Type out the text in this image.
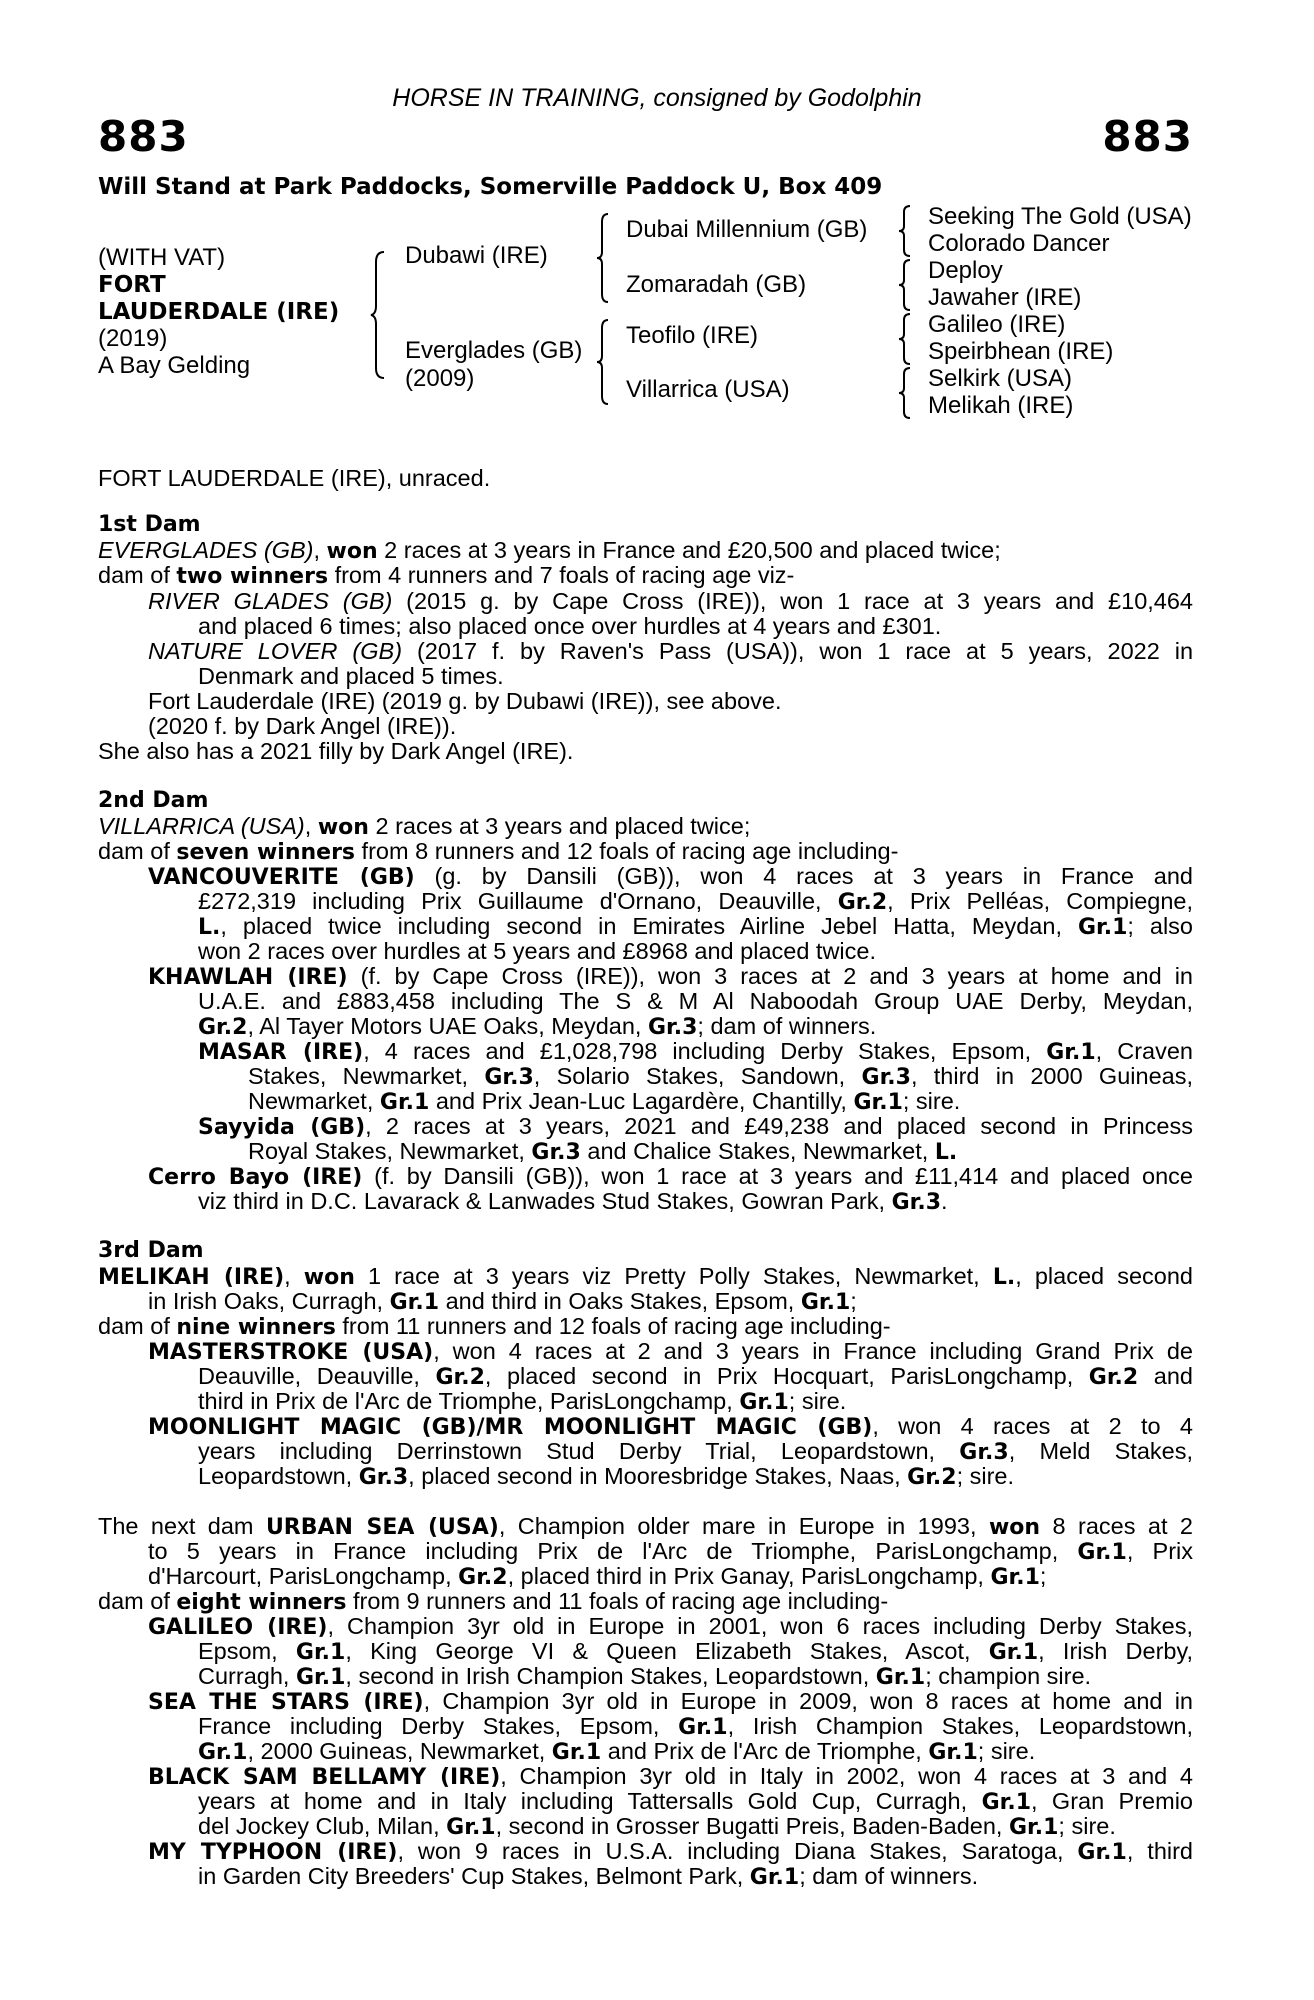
HORSE IN TRAINING, consigned by Godolphin
883	883
Will Stand at Park Paddocks, Somerville Paddock U, Box 409
(WITH VAT)
FORT
LAUDERDALE (IRE)
(2019)
A Bay Gelding
Dubawi (IRE)
Everglades (GB)
(2009)
Dubai Millennium (GB)
Zomaradah (GB)
Teofilo (IRE)
Villarrica (USA)
Seeking The Gold (USA)
Colorado Dancer
Deploy
Jawaher (IRE)
Galileo (IRE)
Speirbhean (IRE)
Selkirk (USA)
Melikah (IRE)
FORT LAUDERDALE (IRE), unraced.
1st Dam
EVERGLADES (GB), won 2 races at 3 years in France and £20,500 and placed twice;
dam of two winners from 4 runners and 7 foals of racing age viz-
RIVER GLADES (GB) (2015 g. by Cape Cross (IRE)), won 1 race at 3 years and £10,464
and placed 6 times; also placed once over hurdles at 4 years and £301.
NATURE LOVER (GB) (2017 f. by Raven's Pass (USA)), won 1 race at 5 years, 2022 in
Denmark and placed 5 times.
Fort Lauderdale (IRE) (2019 g. by Dubawi (IRE)), see above.
(2020 f. by Dark Angel (IRE)).
She also has a 2021 filly by Dark Angel (IRE).
2nd Dam
VILLARRICA (USA), won 2 races at 3 years and placed twice;
dam of seven winners from 8 runners and 12 foals of racing age including-
VANCOUVERITE (GB) (g. by Dansili (GB)), won 4 races at 3 years in France and
£272,319 including Prix Guillaume d'Ornano, Deauville, Gr.2, Prix Pelléas, Compiegne,
L., placed twice including second in Emirates Airline Jebel Hatta, Meydan, Gr.1; also
won 2 races over hurdles at 5 years and £8968 and placed twice.
KHAWLAH (IRE) (f. by Cape Cross (IRE)), won 3 races at 2 and 3 years at home and in
U.A.E. and £883,458 including The S & M Al Naboodah Group UAE Derby, Meydan,
Gr.2, Al Tayer Motors UAE Oaks, Meydan, Gr.3; dam of winners.
MASAR (IRE), 4 races and £1,028,798 including Derby Stakes, Epsom, Gr.1, Craven
Stakes, Newmarket, Gr.3, Solario Stakes, Sandown, Gr.3, third in 2000 Guineas,
Newmarket, Gr.1 and Prix Jean-Luc Lagardère, Chantilly, Gr.1; sire.
Sayyida (GB), 2 races at 3 years, 2021 and £49,238 and placed second in Princess
Royal Stakes, Newmarket, Gr.3 and Chalice Stakes, Newmarket, L.
Cerro Bayo (IRE) (f. by Dansili (GB)), won 1 race at 3 years and £11,414 and placed once
viz third in D.C. Lavarack & Lanwades Stud Stakes, Gowran Park, Gr.3.
3rd Dam
MELIKAH (IRE), won 1 race at 3 years viz Pretty Polly Stakes, Newmarket, L., placed second
in Irish Oaks, Curragh, Gr.1 and third in Oaks Stakes, Epsom, Gr.1;
dam of nine winners from 11 runners and 12 foals of racing age including-
MASTERSTROKE (USA), won 4 races at 2 and 3 years in France including Grand Prix de
Deauville, Deauville, Gr.2, placed second in Prix Hocquart, ParisLongchamp, Gr.2 and
third in Prix de l'Arc de Triomphe, ParisLongchamp, Gr.1; sire.
MOONLIGHT MAGIC (GB)/MR MOONLIGHT MAGIC (GB), won 4 races at 2 to 4
years including Derrinstown Stud Derby Trial, Leopardstown, Gr.3, Meld Stakes,
Leopardstown, Gr.3, placed second in Mooresbridge Stakes, Naas, Gr.2; sire.
The next dam URBAN SEA (USA), Champion older mare in Europe in 1993, won 8 races at 2
to 5 years in France including Prix de l'Arc de Triomphe, ParisLongchamp, Gr.1, Prix
d'Harcourt, ParisLongchamp, Gr.2, placed third in Prix Ganay, ParisLongchamp, Gr.1;
dam of eight winners from 9 runners and 11 foals of racing age including-
GALILEO (IRE), Champion 3yr old in Europe in 2001, won 6 races including Derby Stakes,
Epsom, Gr.1, King George VI & Queen Elizabeth Stakes, Ascot, Gr.1, Irish Derby,
Curragh, Gr.1, second in Irish Champion Stakes, Leopardstown, Gr.1; champion sire.
SEA THE STARS (IRE), Champion 3yr old in Europe in 2009, won 8 races at home and in
France including Derby Stakes, Epsom, Gr.1, Irish Champion Stakes, Leopardstown,
Gr.1, 2000 Guineas, Newmarket, Gr.1 and Prix de l'Arc de Triomphe, Gr.1; sire.
BLACK SAM BELLAMY (IRE), Champion 3yr old in Italy in 2002, won 4 races at 3 and 4
years at home and in Italy including Tattersalls Gold Cup, Curragh, Gr.1, Gran Premio
del Jockey Club, Milan, Gr.1, second in Grosser Bugatti Preis, Baden-Baden, Gr.1; sire.
MY TYPHOON (IRE), won 9 races in U.S.A. including Diana Stakes, Saratoga, Gr.1, third
in Garden City Breeders' Cup Stakes, Belmont Park, Gr.1; dam of winners.
